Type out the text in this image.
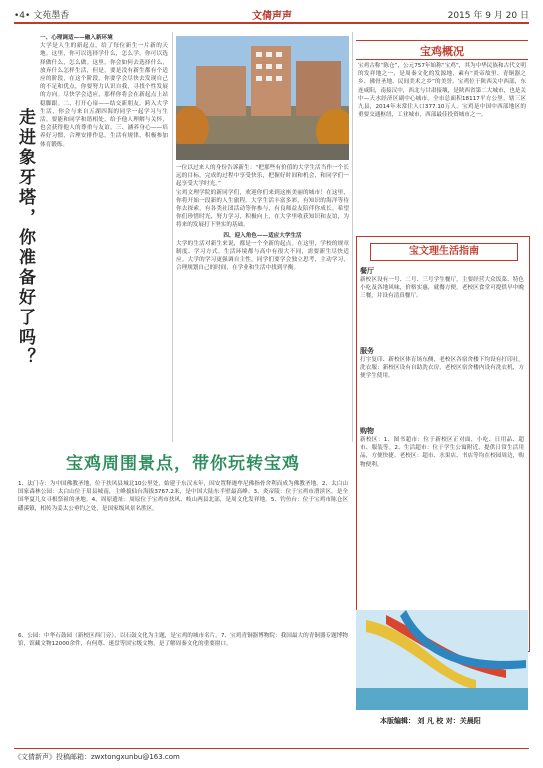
•4• 文苑墨香	文倩声声	2015 年 9 月 20 日
一、心理调适——融入新环境
大学是人生的新起点，给了每位新生一片新的天地。这里，你可以选择学什么，怎么学，你可以选择做什么，怎么做。这里，你会如何去选择什么，放弃什么怎样生活，但是，要是没有新生都有个适应的阶段，在这个阶段，你要学会尽快去发现自己的不足和优点，你要努力认识自我，寻找个性发展的方向。尽快学会适应，那样你将会在新起点上站稳脚跟。二、打开心扉——结交新朋友。跨入大学生活，你会与来自五湖四海的同学一起学习与生活。要能和同学和谐相处，给予他人理解与关怀，也会获得他人的尊重与友谊。三、涵养身心——培养好习惯，合理安排作息，生活有规律，积极参加体育锻炼。
走进象牙塔，你准备好了吗？	一位以过来人的身份告诉新生：“把那些有价值的大学生活当作一个长远的目标，完成的过程中享受快乐，把握好时间和机会，和同学们一起享受大学时光。”
宝鸡文理学院的新同学们，欢迎你们来到这座美丽的城市！在这里，你将开始一段新的人生旅程。大学生活丰富多彩，有知识的海洋等待你去探索，有各类社团活动等你参与，有良师益友陪伴你成长。希望你们珍惜时光，努力学习，积极向上，在大学里收获知识和友谊，为将来的发展打下坚实的基础。
四、迎入角色——适应大学生活
大学的生活对新生来说，都是一个全新的起点。在这里，学校的规章制度、学习方式、生活环境都与高中有很大不同，需要新生尽快适应。大学的学习更强调自主性，同学们要学会独立思考，主动学习，合理规划自己的时间，在学业和生活中找到平衡。
宝鸡概况
宝鸡古称“陈仓”，公元757年始称“宝鸡”，其为中华民族和古代文明的发祥地之一，是周秦文化的发源地，素有“炎帝故里、青铜器之乡、佛骨圣地、民间美术之乡”的美誉。宝鸡位于陕西关中西部，东连咸阳，南接汉中，西北与甘肃接壤，是陕西省第二大城市，也是关中—天水经济区副中心城市。全市总面积18117平方公里，辖三区九县，2014年末常住人口377.10万人。宝鸡是中国中西部地区的重要交通枢纽，工业城市，西部最佳投资城市之一。
宝文理生活指南
餐厅
新校区设有一号、二号、三号学生餐厅，主要经营大众饭菜、特色小吃及各地风味，价格实惠，就餐方便。老校区食堂可提供早中晚三餐，并设有清真餐厅。
服务
打字复印、新校区体育场东侧，老校区各宿舍楼下均设有打印社。洗衣服：新校区设有自助洗衣房，老校区宿舍楼内设有洗衣机，方便学生使用。
购物
新校区：1、图书超市：位于新校区正对面，小吃、日用品、超市、服装等。2、生活超市：位于学生公寓附近，提供日常生活用品，方便快捷。老校区：超市、水果店、书店等均在校园周边，购物便利。
宝鸡周围景点，带你玩转宝鸡
1、法门寺：为中国佛教圣地，位于扶风县城北10公里处，始建于东汉末年，因安置释迦牟尼佛指骨舍利而成为佛教圣地。2、太白山国家森林公园：太白山位于眉县城南，主峰拔仙台海拔3767.2米，是中国大陆东半壁最高峰。3、炎帝陵：位于宝鸡市渭滨区，是全国华夏儿女寻根祭祖的圣地。4、周原遗址：周原位于宝鸡市扶风、岐山两县北部，是周文化发祥地。5、钓鱼台：位于宝鸡市陈仓区磻溪镇，相传为姜太公垂钓之处，是国家级风景名胜区。
6、公园：中华石鼓园（新校区西门旁），以石鼓文化为主题，是宝鸡的城市名片。7、宝鸡青铜器博物院：我国最大的青铜器专题博物馆，馆藏文物12000余件，有何尊、逨盘等国宝级文物，是了解周秦文化的重要窗口。
本版编辑： 刘 凡 校 对：关晨阳
《文倩新声》投稿邮箱：zwxtongxunbu@163.com
